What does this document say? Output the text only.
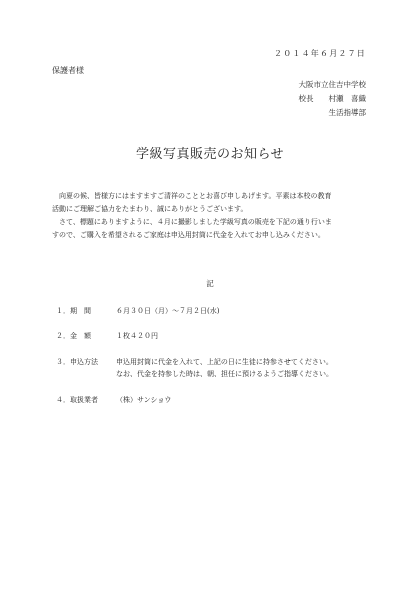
２０１４年６月２７日
保護者様
大阪市立住吉中学校
校長　　村瀬　喜織
生活指導部
学級写真販売のお知らせ
　向夏の候、皆様方にはますますご清祥のこととお喜び申しあげます。平素は本校の教育
活動にご理解ご協力をたまわり、誠にありがとうございます。
　さて、標題にありますように、４月に撮影しました学級写真の販売を下記の通り行いま
すので、ご購入を希望されるご家庭は申込用封筒に代金を入れてお申し込みください。
記
１．期　間	６月３０日（月）～７月２日(水)
２．金　額	１枚４２０円
３．申込方法	申込用封筒に代金を入れて、上記の日に生徒に持参させてください。
なお、代金を持参した時は、朝、担任に預けるようご指導ください。
４．取扱業者	（株）サンショウ
